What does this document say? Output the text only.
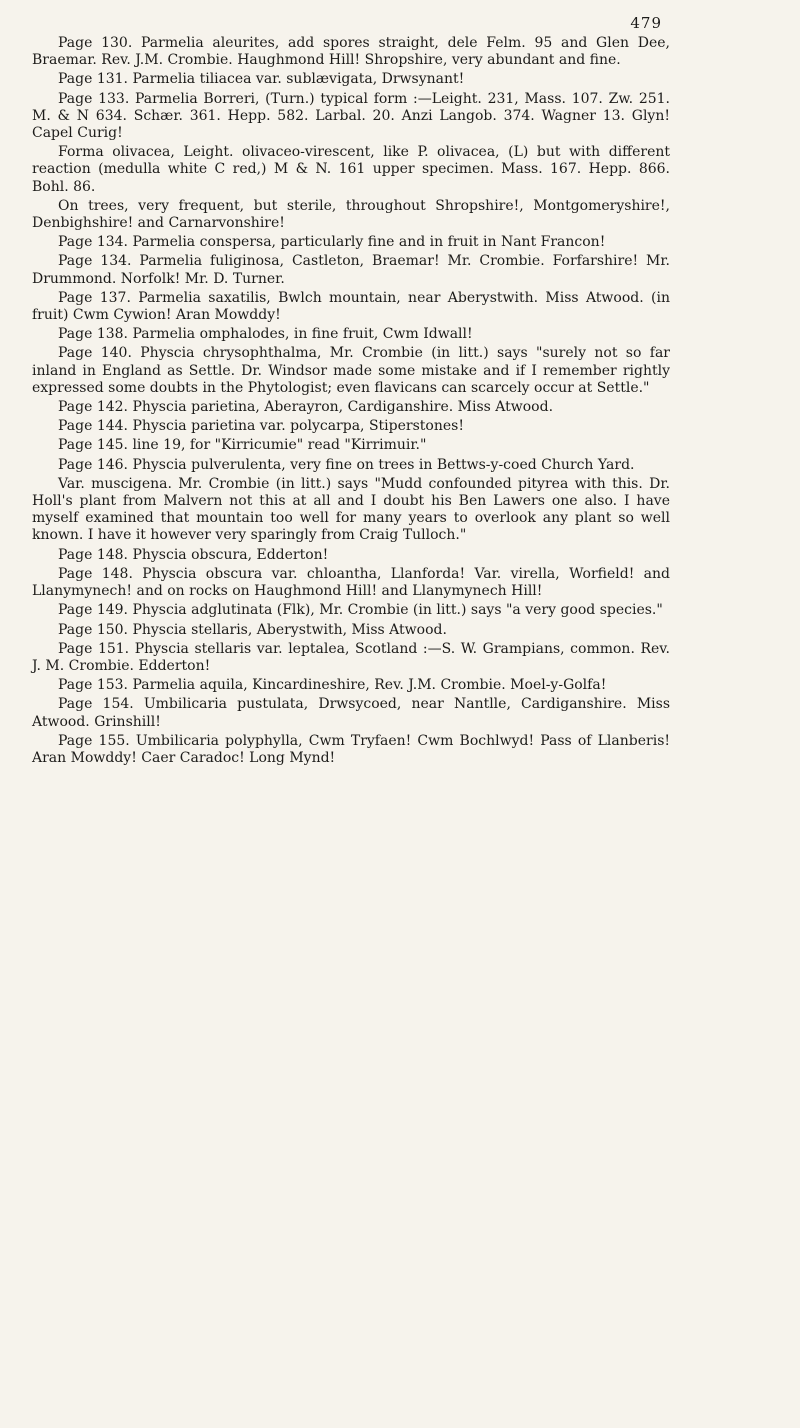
479

Page 130. Parmelia aleurites, add spores straight, dele Felm. 95 and Glen Dee, Braemar. Rev. J.M. Crombie. Haughmond Hill! Shropshire, very abundant and fine.

Page 131. Parmelia tiliacea var. sublævigata, Drwsynant!

Page 133. Parmelia Borreri, (Turn.) typical form :—Leight. 231, Mass. 107. Zw. 251. M. & N 634. Schær. 361. Hepp. 582. Larbal. 20. Anzi Langob. 374. Wagner 13. Glyn! Capel Curig!

Forma olivacea, Leight. olivaceo-virescent, like P. olivacea, (L) but with different reaction (medulla white C red,) M & N. 161 upper specimen. Mass. 167. Hepp. 866. Bohl. 86.

On trees, very frequent, but sterile, throughout Shropshire!, Montgomeryshire!, Denbighshire! and Carnarvonshire!

Page 134. Parmelia conspersa, particularly fine and in fruit in Nant Francon!

Page 134. Parmelia fuliginosa, Castleton, Braemar! Mr. Crombie. Forfarshire! Mr. Drummond. Norfolk! Mr. D. Turner.

Page 137. Parmelia saxatilis, Bwlch mountain, near Aberystwith. Miss Atwood. (in fruit) Cwm Cywion! Aran Mowddy!

Page 138. Parmelia omphalodes, in fine fruit, Cwm Idwall!

Page 140. Physcia chrysophthalma, Mr. Crombie (in litt.) says "surely not so far inland in England as Settle. Dr. Windsor made some mistake and if I remember rightly expressed some doubts in the Phytologist; even flavicans can scarcely occur at Settle."

Page 142. Physcia parietina, Aberayron, Cardiganshire. Miss Atwood.

Page 144. Physcia parietina var. polycarpa, Stiperstones!

Page 145. line 19, for "Kirricumie" read "Kirrimuir."

Page 146. Physcia pulverulenta, very fine on trees in Bettws-y-coed Church Yard.

Var. muscigena. Mr. Crombie (in litt.) says "Mudd confounded pityrea with this. Dr. Holl's plant from Malvern not this at all and I doubt his Ben Lawers one also. I have myself examined that mountain too well for many years to overlook any plant so well known. I have it however very sparingly from Craig Tulloch."

Page 148. Physcia obscura, Edderton!

Page 148. Physcia obscura var. chloantha, Llanforda! Var. virella, Worfield! and Llanymynech! and on rocks on Haughmond Hill! and Llanymynech Hill!

Page 149. Physcia adglutinata (Flk), Mr. Crombie (in litt.) says "a very good species."

Page 150. Physcia stellaris, Aberystwith, Miss Atwood.

Page 151. Physcia stellaris var. leptalea, Scotland :—S. W. Grampians, common. Rev. J. M. Crombie. Edderton!

Page 153. Parmelia aquila, Kincardineshire, Rev. J.M. Crombie. Moel-y-Golfa!

Page 154. Umbilicaria pustulata, Drwsycoed, near Nantlle, Cardiganshire. Miss Atwood. Grinshill!

Page 155. Umbilicaria polyphylla, Cwm Tryfaen! Cwm Bochlwyd! Pass of Llanberis! Aran Mowddy! Caer Caradoc! Long Mynd!
